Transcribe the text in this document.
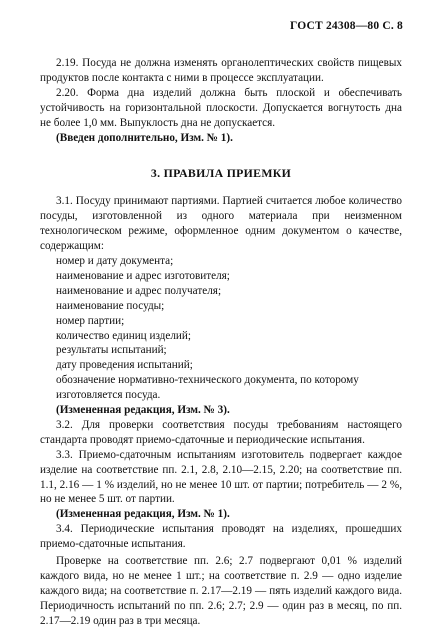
ГОСТ 24308—80 С. 8

2.19. Посуда не должна изменять органолептических свойств пищевых продуктов после контакта с ними в процессе эксплуатации.

2.20. Форма дна изделий должна быть плоской и обеспечивать устойчивость на горизонтальной плоскости. Допускается вогнутость дна не более 1,0 мм. Выпуклость дна не допускается.

(Введен дополнительно, Изм. № 1).

3. ПРАВИЛА ПРИЕМКИ

3.1. Посуду принимают партиями. Партией считается любое количество посуды, изготовленной из одного материала при неизменном технологическом режиме, оформленное одним документом о качестве, содержащим:

номер и дату документа;
наименование и адрес изготовителя;
наименование и адрес получателя;
наименование посуды;
номер партии;
количество единиц изделий;
результаты испытаний;
дату проведения испытаний;
обозначение нормативно-технического документа, по которому изготовляется посуда.

(Измененная редакция, Изм. № 3).

3.2. Для проверки соответствия посуды требованиям настоящего стандарта проводят приемо-сдаточные и периодические испытания.

3.3. Приемо-сдаточным испытаниям изготовитель подвергает каждое изделие на соответствие пп. 2.1, 2.8, 2.10—2.15, 2.20; на соответствие пп. 1.1, 2.16 — 1 % изделий, но не менее 10 шт. от партии; потребитель — 2 %, но не менее 5 шт. от партии.

(Измененная редакция, Изм. № 1).

3.4. Периодические испытания проводят на изделиях, прошедших приемо-сдаточные испытания.

Проверке на соответствие пп. 2.6; 2.7 подвергают 0,01 % изделий каждого вида, но не менее 1 шт.; на соответствие п. 2.9 — одно изделие каждого вида; на соответствие п. 2.17—2.19 — пять изделий каждого вида. Периодичность испытаний по пп. 2.6; 2.7; 2.9 — один раз в месяц, по пп. 2.17—2.19 один раз в три месяца.
